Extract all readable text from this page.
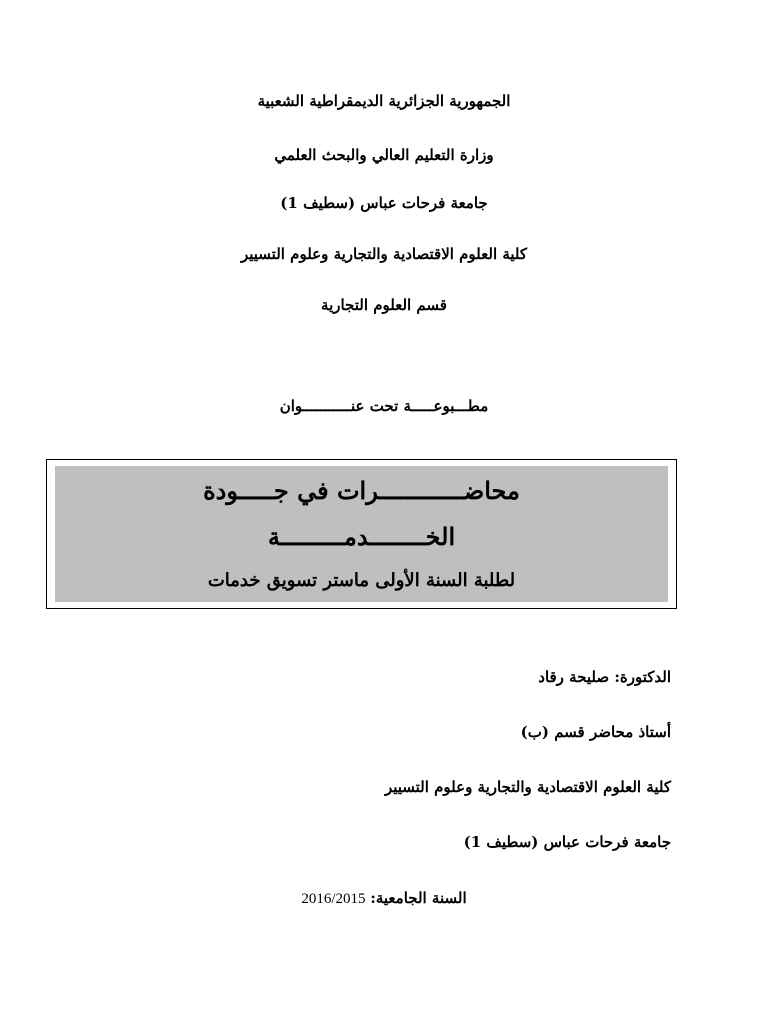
الجمهورية الجزائرية الديمقراطية الشعبية
وزارة التعليم العالي والبحث العلمي
جامعة فرحات عباس (سطيف 1)
كلية العلوم الاقتصادية والتجارية وعلوم التسيير
قسم العلوم التجارية
مطـــبوعـــــة تحت عنـــــــــــوان
محاضــــــــــــرات في جـــــودة
الخــــــــدمـــــــــة
لطلبة السنة الأولى ماستر تسويق خدمات
الدكتورة: صليحة رقاد
أستاذ محاضر قسم (ب)
كلية العلوم الاقتصادية والتجارية وعلوم التسيير
جامعة فرحات عباس (سطيف 1)
2016/2015 السنة الجامعية:
